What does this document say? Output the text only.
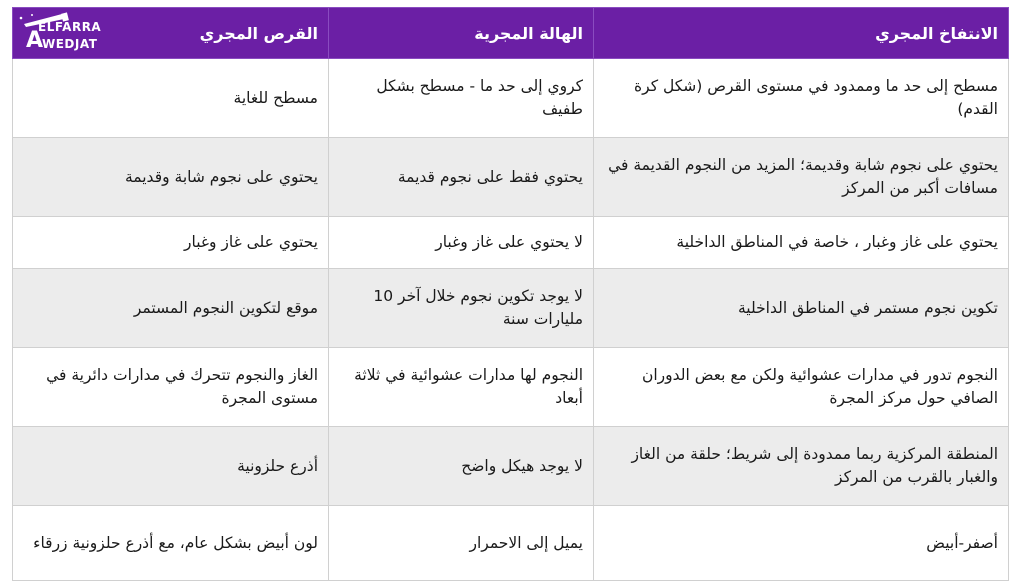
الانتفاخ المجري	الهالة المجرية	القرص المجري
مسطح إلى حد ما وممدود في مستوى القرص (شكل كرة القدم)	كروي إلى حد ما - مسطح بشكل طفيف	مسطح للغاية
يحتوي على نجوم شابة وقديمة؛ المزيد من النجوم القديمة في مسافات أكبر من المركز	يحتوي فقط على نجوم قديمة	يحتوي على نجوم شابة وقديمة
يحتوي على غاز وغبار ، خاصة في المناطق الداخلية	لا يحتوي على غاز وغبار	يحتوي على غاز وغبار
تكوين نجوم مستمر في المناطق الداخلية	لا يوجد تكوين نجوم خلال آخر 10 مليارات سنة	موقع لتكوين النجوم المستمر
النجوم تدور في مدارات عشوائية ولكن مع بعض الدوران الصافي حول مركز المجرة	النجوم لها مدارات عشوائية في ثلاثة أبعاد	الغاز والنجوم تتحرك في مدارات دائرية في مستوى المجرة
المنطقة المركزية ربما ممدودة إلى شريط؛ حلقة من الغاز والغبار بالقرب من المركز	لا يوجد هيكل واضح	أذرع حلزونية
أصفر-أبيض	يميل إلى الاحمرار	لون أبيض بشكل عام، مع أذرع حلزونية زرقاء
A
ELFARRA
WEDJAT
